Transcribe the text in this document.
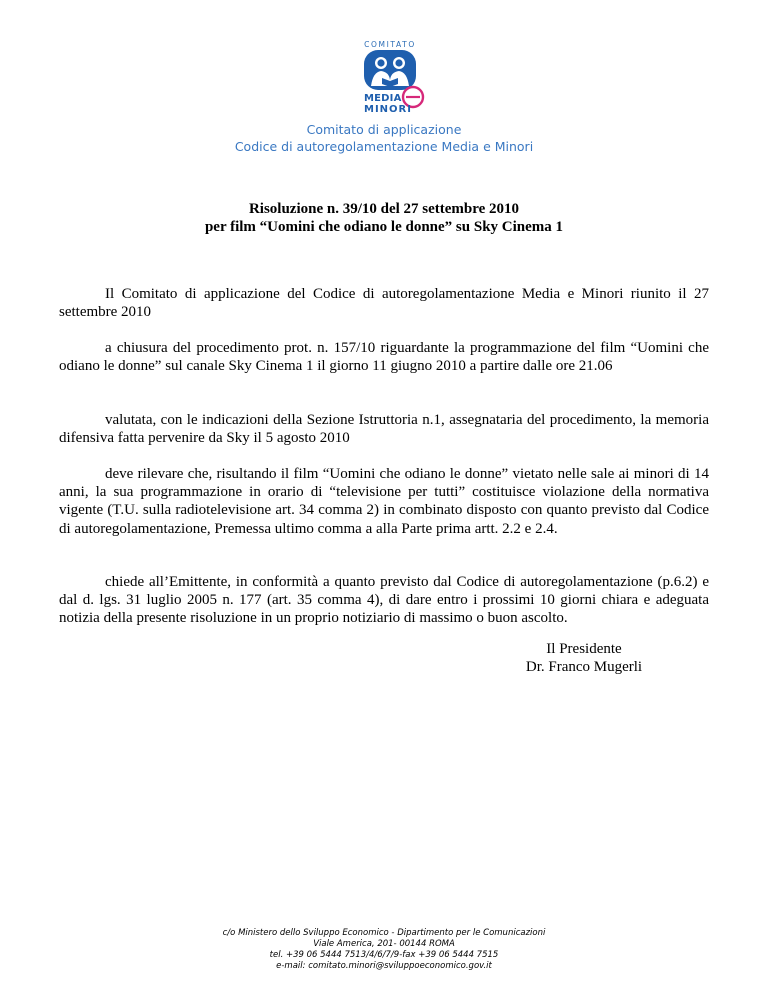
COMITATO
MEDIA
MINORI
Comitato di applicazione
Codice di autoregolamentazione Media e Minori
Risoluzione n. 39/10 del 27 settembre 2010
per film “Uomini che odiano le donne” su Sky Cinema 1

Il Comitato di applicazione del Codice di autoregolamentazione Media e Minori riunito il 27 settembre 2010

a chiusura del procedimento prot. n. 157/10 riguardante la programmazione del film “Uomini che odiano le donne” sul canale Sky Cinema 1 il giorno 11 giugno 2010 a partire dalle ore 21.06

valutata, con le indicazioni della Sezione Istruttoria n.1, assegnataria del procedimento, la memoria difensiva fatta pervenire da Sky il 5 agosto 2010

deve rilevare che, risultando il film “Uomini che odiano le donne” vietato nelle sale ai minori di 14 anni, la sua programmazione in orario di “televisione per tutti” costituisce violazione della normativa vigente (T.U. sulla radiotelevisione art. 34 comma 2) in combinato disposto con quanto previsto dal Codice di autoregolamentazione, Premessa ultimo comma a alla Parte prima artt. 2.2 e 2.4.

chiede all’Emittente, in conformità a quanto previsto dal Codice di autoregolamentazione (p.6.2) e dal d. lgs. 31 luglio 2005 n. 177 (art. 35 comma 4), di dare entro i prossimi 10 giorni chiara e adeguata notizia della presente risoluzione in un proprio notiziario di massimo o buon ascolto.

Il Presidente
Dr. Franco Mugerli
c/o Ministero dello Sviluppo Economico - Dipartimento per le Comunicazioni
Viale America, 201- 00144 ROMA
tel. +39 06 5444 7513/4/6/7/9-fax +39 06 5444 7515
e-mail: comitato.minori@sviluppoeconomico.gov.it
